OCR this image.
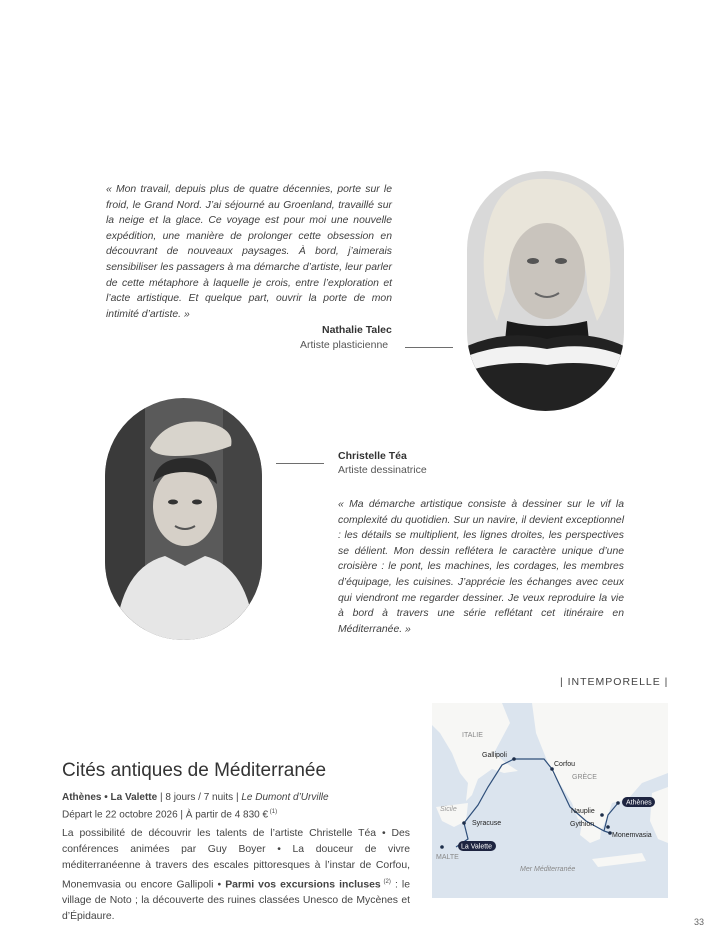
« Mon travail, depuis plus de quatre décennies, porte sur le froid, le Grand Nord. J’ai séjourné au Groenland, travaillé sur la neige et la glace. Ce voyage est pour moi une nouvelle expédition, une manière de prolonger cette obsession en découvrant de nouveaux paysages. À bord, j’aimerais sensibiliser les passagers à ma démarche d’artiste, leur parler de cette métaphore à laquelle je crois, entre l’exploration et l’acte artistique. Et quelque part, ouvrir la porte de mon intimité d’artiste. »
Nathalie Talec
Artiste plasticienne
Christelle Téa
Artiste dessinatrice
« Ma démarche artistique consiste à dessiner sur le vif la complexité du quotidien. Sur un navire, il devient exceptionnel : les détails se multiplient, les lignes droites, les perspectives se délient. Mon dessin reflétera le caractère unique d’une croisière : le pont, les machines, les cordages, les membres d’équipage, les cuisines. J’apprécie les échanges avec ceux qui viendront me regarder dessiner. Je veux reproduire la vie à bord à travers une série reflétant cet itinéraire en Méditerranée. »
| INTEMPORELLE |
Cités antiques de Méditerranée
Athènes • La Valette | 8 jours / 7 nuits | Le Dumont d’Urville
Départ le 22 octobre 2026 | À partir de 4 830 € $^{(1)}$
La possibilité de découvrir les talents de l’artiste Christelle Téa • Des conférences animées par Guy Boyer • La douceur de vivre méditerranéenne à travers des escales pittoresques à l’instar de Corfou, Monemvasia ou encore Gallipoli • Parmi vos excursions incluses $^{(2)}$ : le village de Noto ; la découverte des ruines classées Unesco de Mycènes et d’Épidaure.
ITALIE
GRÈCE
Sicile
MALTE
Mer Méditerranée
Gallipoli
Corfou
Athènes
Nauplie
Gythion
Monemvasia
Syracuse
La Valette
33
